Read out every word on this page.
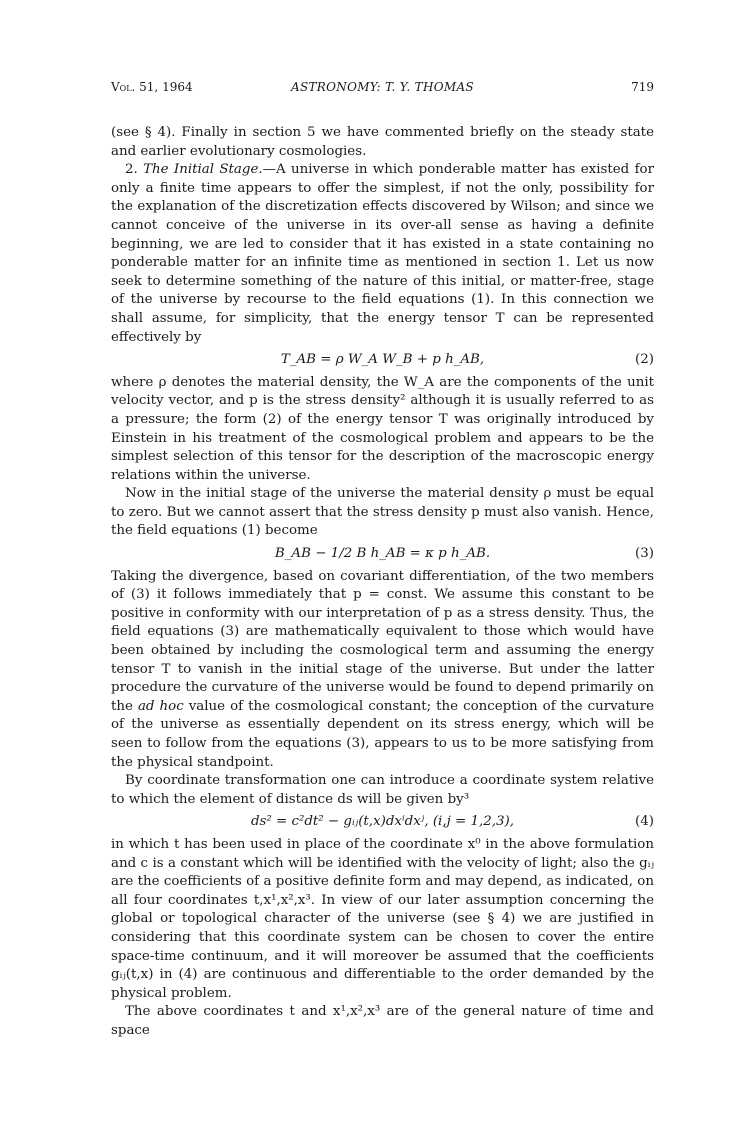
Vol. 51, 1964	ASTRONOMY: T. Y. THOMAS	719

(see § 4). Finally in section 5 we have commented briefly on the steady state and earlier evolutionary cosmologies.

2. The Initial Stage.—A universe in which ponderable matter has existed for only a finite time appears to offer the simplest, if not the only, possibility for the explanation of the discretization effects discovered by Wilson; and since we cannot conceive of the universe in its over-all sense as having a definite beginning, we are led to consider that it has existed in a state containing no ponderable matter for an infinite time as mentioned in section 1. Let us now seek to determine something of the nature of this initial, or matter-free, stage of the universe by recourse to the field equations (1). In this connection we shall assume, for simplicity, that the energy tensor T can be represented effectively by

T_AB = ρ W_A W_B + p h_AB,	(2)

where ρ denotes the material density, the W_A are the components of the unit velocity vector, and p is the stress density² although it is usually referred to as a pressure; the form (2) of the energy tensor T was originally introduced by Einstein in his treatment of the cosmological problem and appears to be the simplest selection of this tensor for the description of the macroscopic energy relations within the universe.

Now in the initial stage of the universe the material density ρ must be equal to zero. But we cannot assert that the stress density p must also vanish. Hence, the field equations (1) become

B_AB − 1/2 B h_AB = κ p h_AB.	(3)

Taking the divergence, based on covariant differentiation, of the two members of (3) it follows immediately that p = const. We assume this constant to be positive in conformity with our interpretation of p as a stress density. Thus, the field equations (3) are mathematically equivalent to those which would have been obtained by including the cosmological term and assuming the energy tensor T to vanish in the initial stage of the universe. But under the latter procedure the curvature of the universe would be found to depend primarily on the ad hoc value of the cosmological constant; the conception of the curvature of the universe as essentially dependent on its stress energy, which will be seen to follow from the equations (3), appears to us to be more satisfying from the physical standpoint.

By coordinate transformation one can introduce a coordinate system relative to which the element of distance ds will be given by³

ds² = c²dt² − gᵢⱼ(t,x)dxⁱdxʲ, (i,j = 1,2,3),	(4)

in which t has been used in place of the coordinate x⁰ in the above formulation and c is a constant which will be identified with the velocity of light; also the gᵢⱼ are the coefficients of a positive definite form and may depend, as indicated, on all four coordinates t,x¹,x²,x³. In view of our later assumption concerning the global or topological character of the universe (see § 4) we are justified in considering that this coordinate system can be chosen to cover the entire space-time continuum, and it will moreover be assumed that the coefficients gᵢⱼ(t,x) in (4) are continuous and differentiable to the order demanded by the physical problem.

The above coordinates t and x¹,x²,x³ are of the general nature of time and space
